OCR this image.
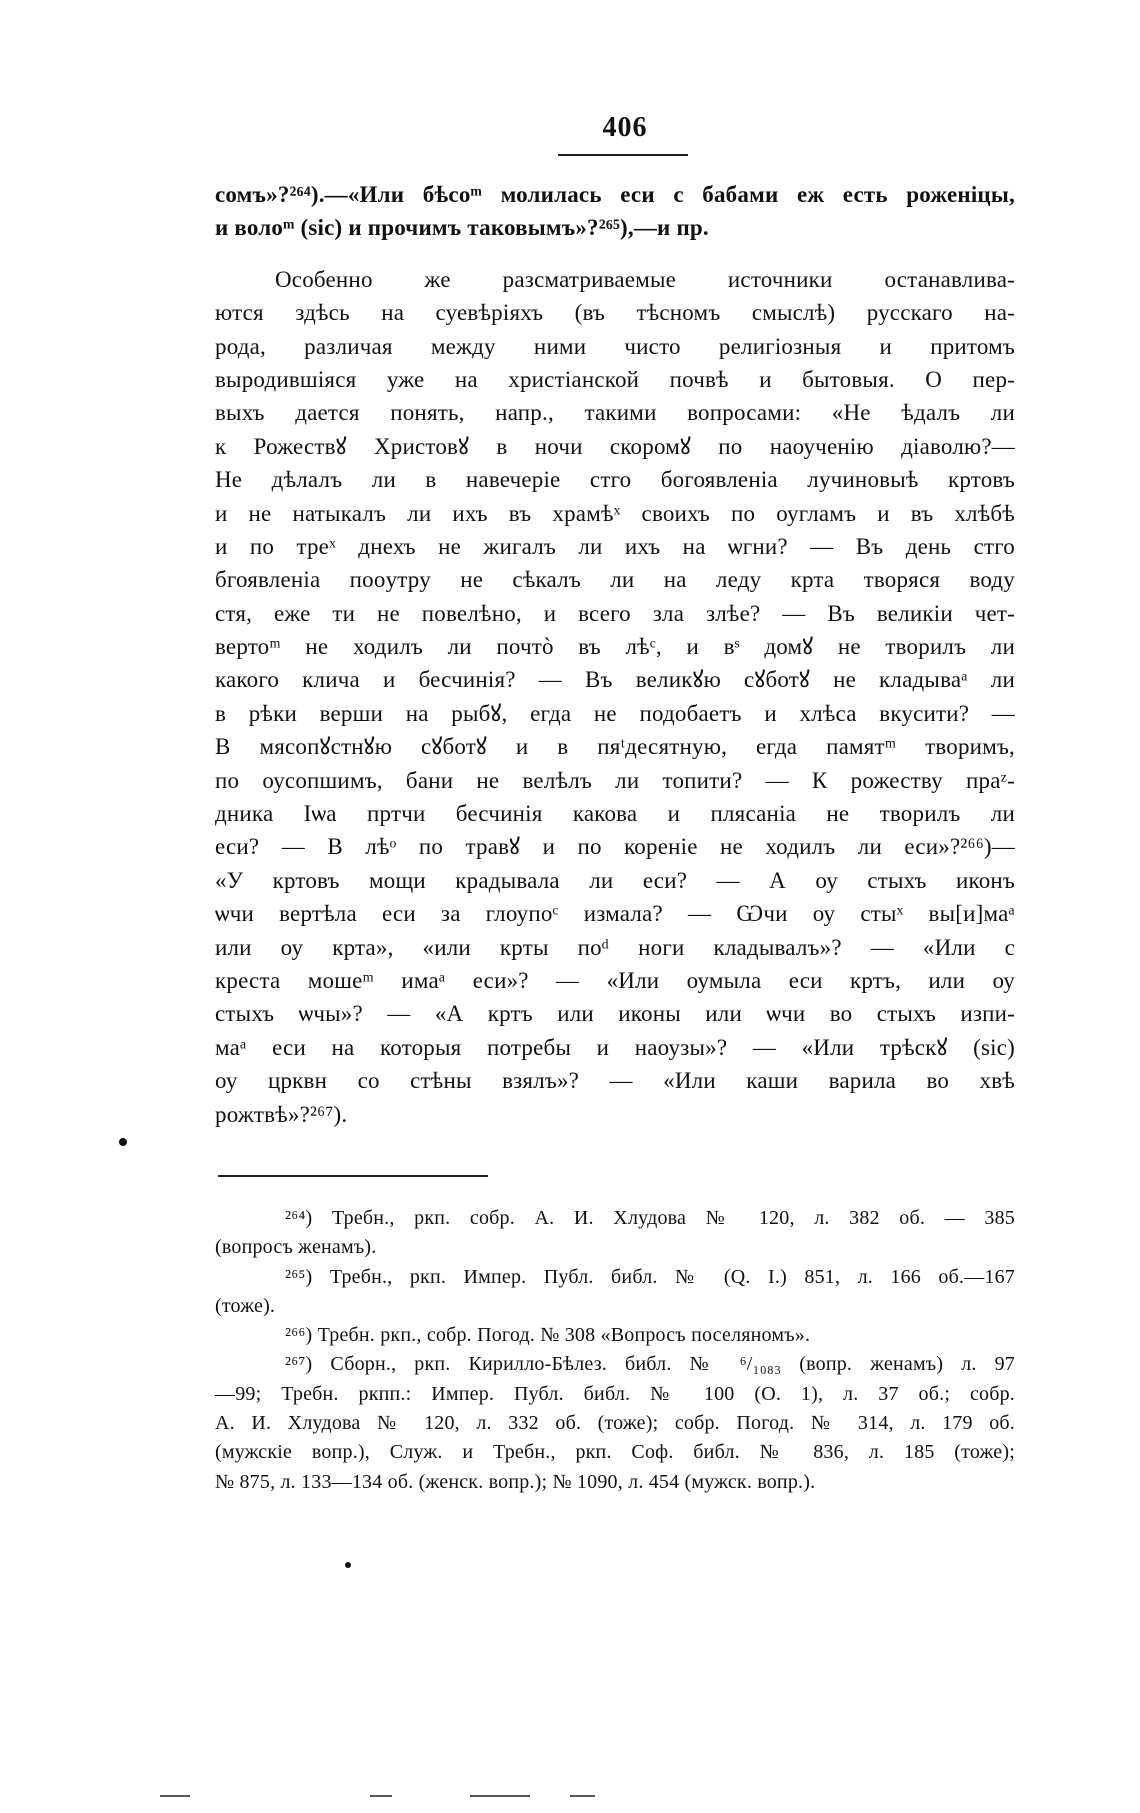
406
сомъ»?²⁶⁴).—«Или бѣсоᵐ молилась еси с бабами еж есть роженіцы,
и волоᵐ (sic) и прочимъ таковымъ»?²⁶⁵),—и пр.
Особенно же разсматриваемые источники останавлива-
ются здѣсь на суевѣріяхъ (въ тѣсномъ смыслѣ) русскаго на-
рода, различая между ними чисто религіозныя и притомъ
выродившіяся уже на христіанской почвѣ и бытовыя. О пер-
выхъ дается понять, напр., такими вопросами: «Не ѣдалъ ли
к Рожествꙋ Христовꙋ в ночи скоромꙋ по наоученію діаволю?—
Не дѣлалъ ли в навечеріе стго богоявленіа лучиновыѣ кртовъ
и не натыкалъ ли ихъ въ храмѣˣ своихъ по оугламъ и въ хлѣбѣ
и по треˣ днехъ не жигалъ ли ихъ на ѡгни? — Въ день стго
бгоявленіа поoутру не сѣкалъ ли на леду крта творяся воду
стя, еже ти не повелѣно, и всего зла злѣе? — Въ великіи чет-
вертоᵐ не ходилъ ли почтò въ лѣᶜ, и вˢ домꙋ не творилъ ли
какого клича и бесчинія? — Въ великꙋю сꙋботꙋ не кладываᵃ ли
в рѣки верши на рыбꙋ, егда не подобаетъ и хлѣса вкусити? —
В мясопꙋстнꙋю сꙋботꙋ и в пяᵗдесятную, егда памятᵐ творимъ,
по оусопшимъ, бани не велѣлъ ли топити? — К рожеству праᶻ-
дника Іѡа пртчи бесчинія какова и плясаніа не творилъ ли
еси? — В лѣᵒ по травꙋ и по кореніе не ходилъ ли еси»?²⁶⁶)—
«У кртовъ мощи крадывала ли еси? — А оу стыхъ иконъ
ѡчи вертѣла еси за глоупоᶜ измала? — Ѡчи оу стыˣ вы[и]маᵃ
или оу крта», «или крты поᵈ ноги кладывалъ»? — «Или с
креста мошеᵐ имаᵃ еси»? — «Или оумыла еси кртъ, или оу
стыхъ ѡчы»? — «А кртъ или иконы или ѡчи во стыхъ изпи-
маᵃ еси на которыя потребы и наоузы»? — «Или трѣскꙋ (sic)
оу црквн со стѣны взялъ»? — «Или каши варила во хвѣ
рожтвѣ»?²⁶⁷).
²⁶⁴) Требн., ркп. собр. А. И. Хлудова № 120, л. 382 об. — 385
(вопросъ женамъ).
²⁶⁵) Требн., ркп. Импер. Публ. библ. № (Q. I.) 851, л. 166 об.—167
(тоже).
²⁶⁶) Требн. ркп., собр. Погод. № 308 «Вопросъ поселяномъ».
²⁶⁷) Сборн., ркп. Кирилло-Бѣлез. библ. № ⁶/₁₀₈₃ (вопр. женамъ) л. 97
—99; Требн. ркпп.: Импер. Публ. библ. № 100 (О. 1), л. 37 об.; собр.
А. И. Хлудова № 120, л. 332 об. (тоже); собр. Погод. № 314, л. 179 об.
(мужскіе вопр.), Служ. и Требн., ркп. Соф. библ. № 836, л. 185 (тоже);
№ 875, л. 133—134 об. (женск. вопр.); № 1090, л. 454 (мужск. вопр.).
